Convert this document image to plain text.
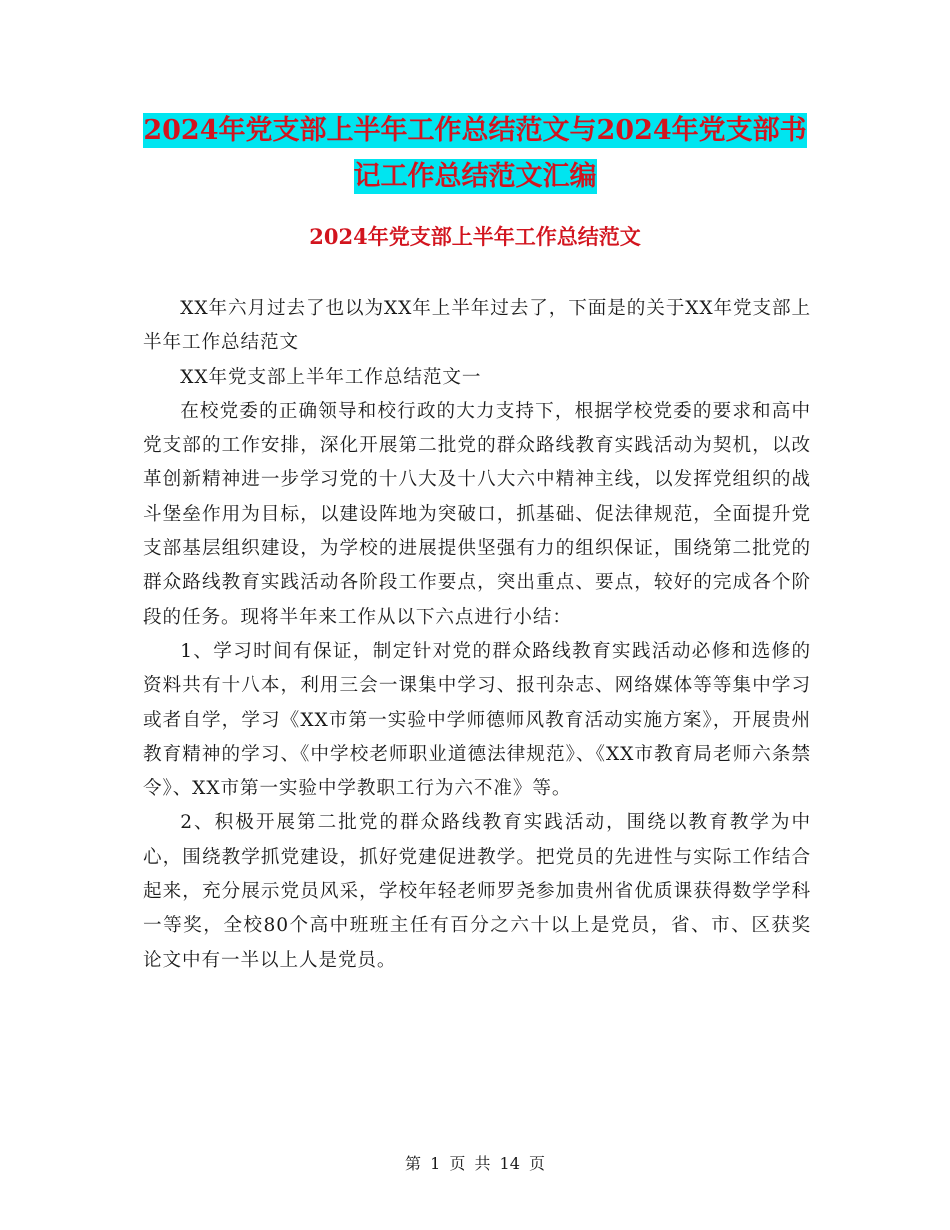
2024年党支部上半年工作总结范文与2024年党支部书
记工作总结范文汇编
2024年党支部上半年工作总结范文

XX年六月过去了也以为XX年上半年过去了，下面是的关于XX年党支部上半年工作总结范文

XX年党支部上半年工作总结范文一

在校党委的正确领导和校行政的大力支持下，根据学校党委的要求和高中党支部的工作安排，深化开展第二批党的群众路线教育实践活动为契机，以改革创新精神进一步学习党的十八大及十八大六中精神主线，以发挥党组织的战斗堡垒作用为目标，以建设阵地为突破口，抓基础、促法律规范，全面提升党支部基层组织建设，为学校的进展提供坚强有力的组织保证，围绕第二批党的群众路线教育实践活动各阶段工作要点，突出重点、要点，较好的完成各个阶段的任务。现将半年来工作从以下六点进行小结：

1、学习时间有保证，制定针对党的群众路线教育实践活动必修和选修的资料共有十八本，利用三会一课集中学习、报刊杂志、网络媒体等等集中学习或者自学，学习《XX市第一实验中学师德师风教育活动实施方案》，开展贵州教育精神的学习、《中学校老师职业道德法律规范》、《XX市教育局老师六条禁令》、XX市第一实验中学教职工行为六不准》等。

2、积极开展第二批党的群众路线教育实践活动，围绕以教育教学为中心，围绕教学抓党建设，抓好党建促进教学。把党员的先进性与实际工作结合起来，充分展示党员风采，学校年轻老师罗尧参加贵州省优质课获得数学学科一等奖，全校80个高中班班主任有百分之六十以上是党员，省、市、区获奖论文中有一半以上人是党员。

第 1 页 共 14 页
